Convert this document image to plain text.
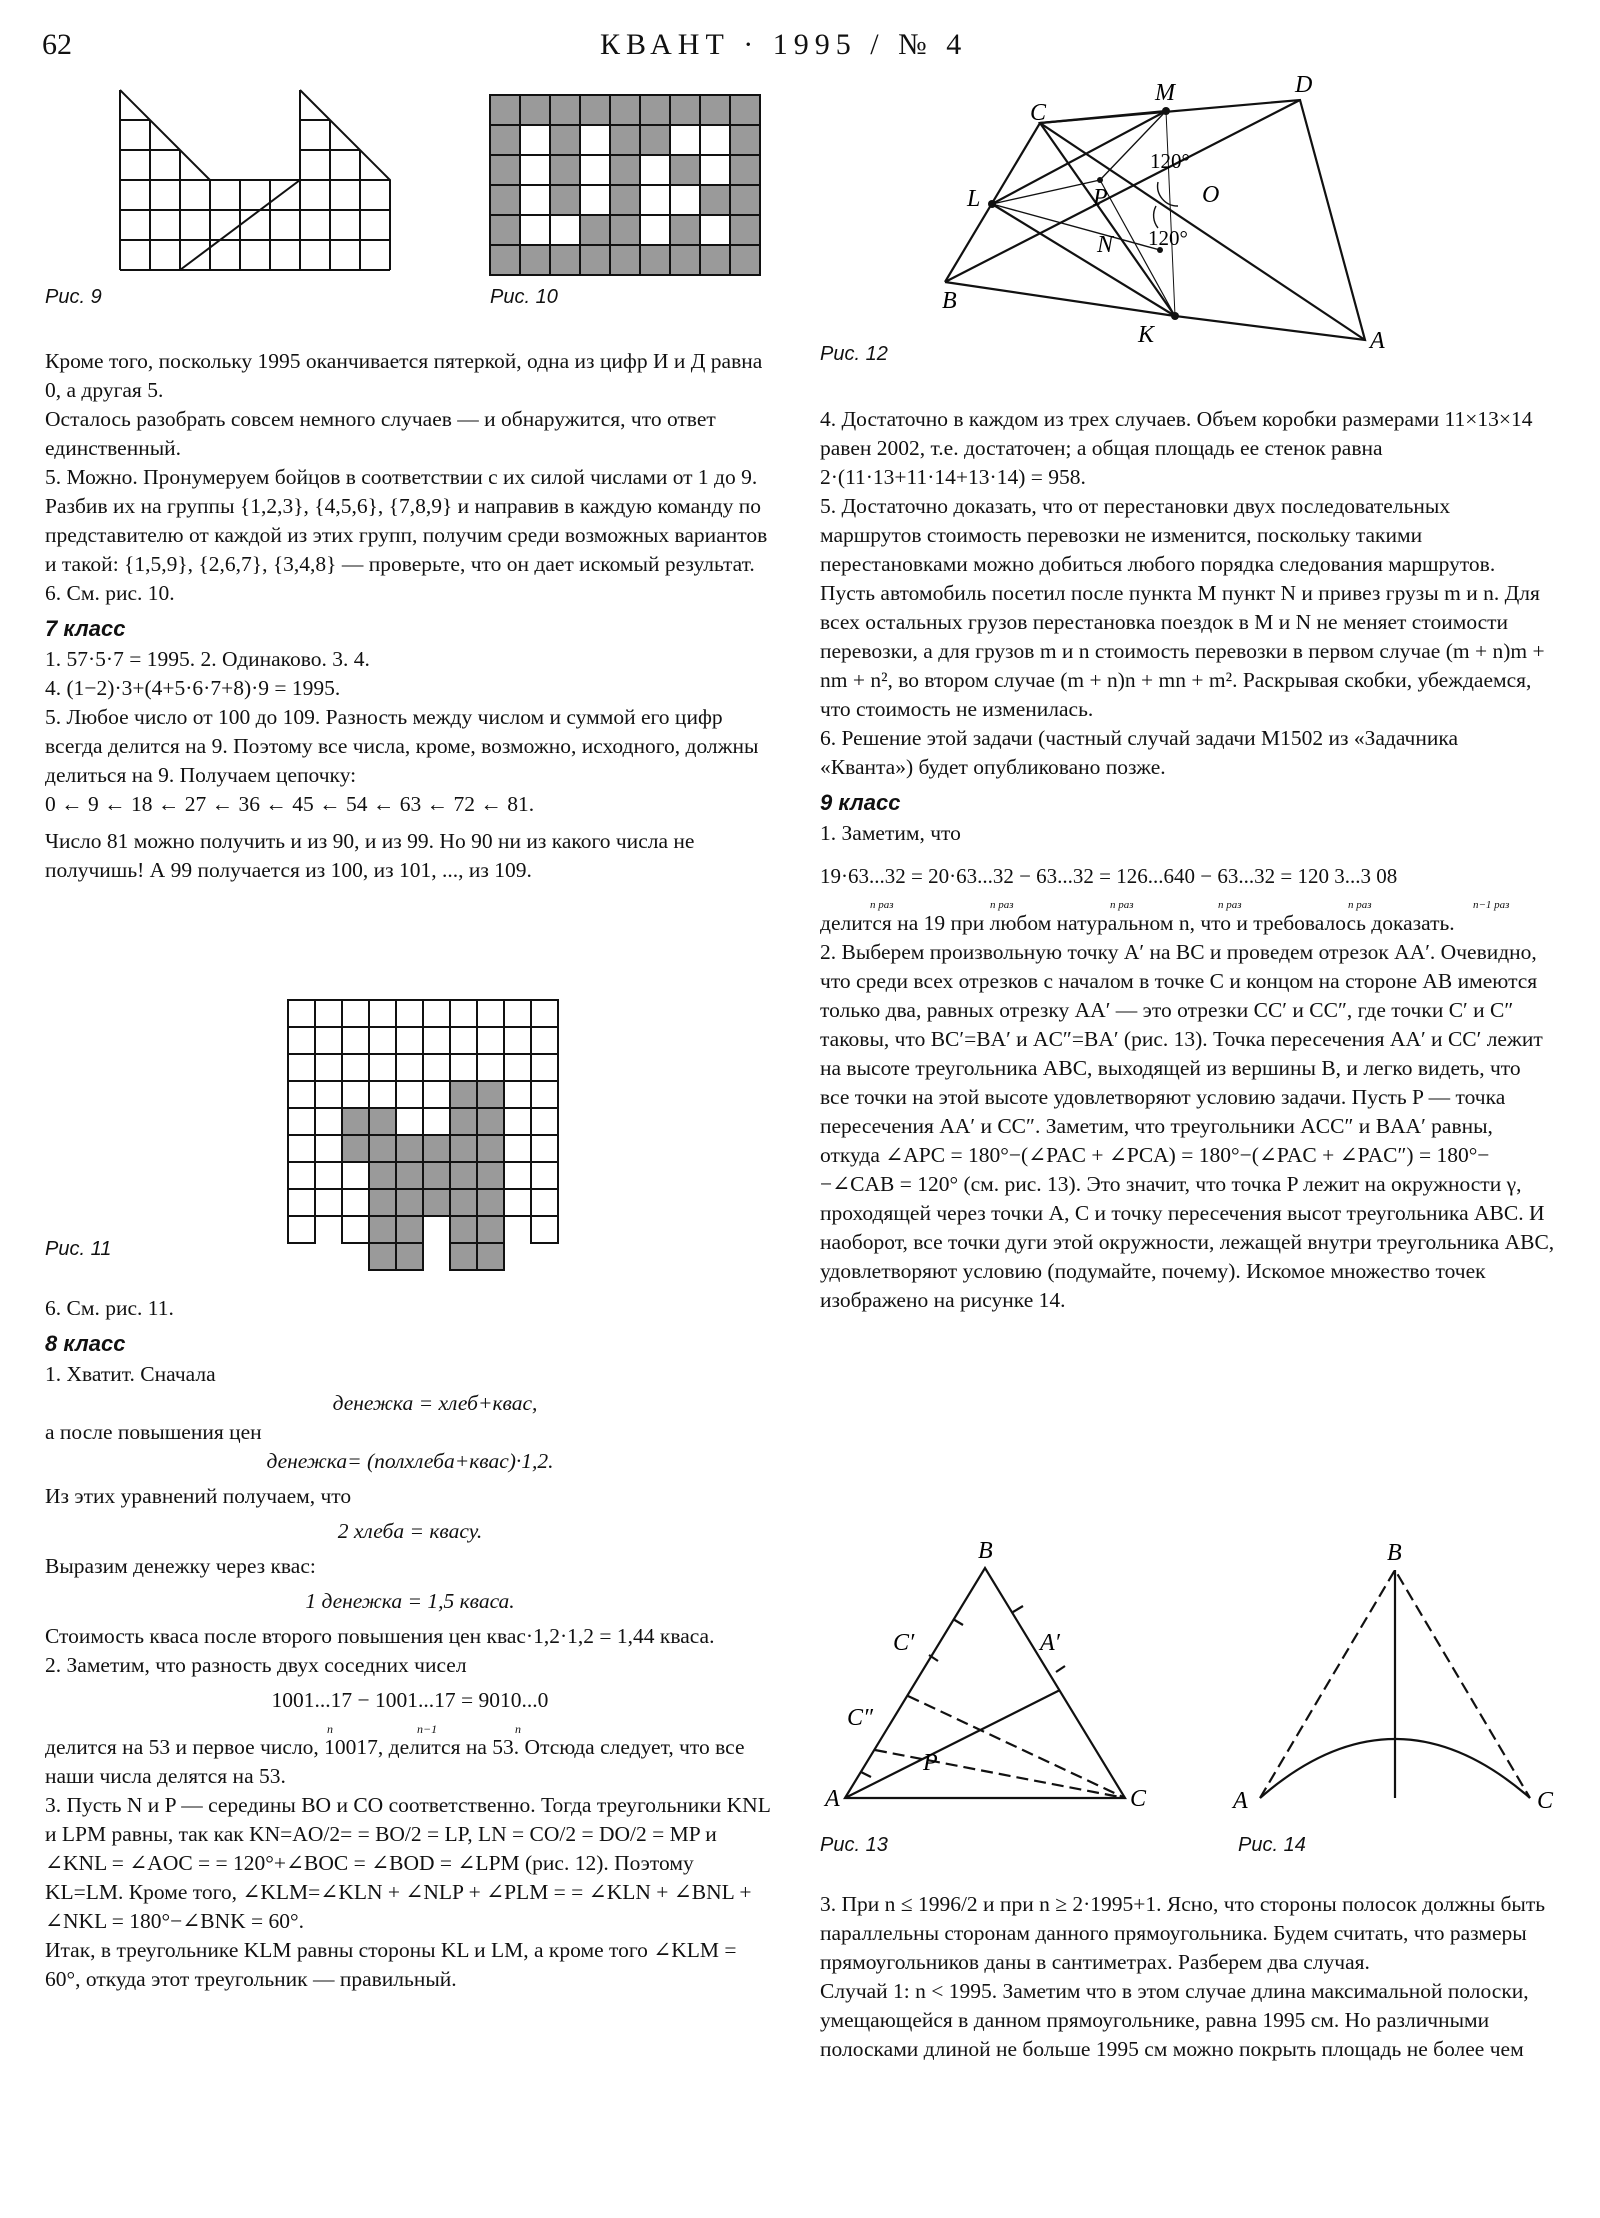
62	КВАНТ · 1995 / № 4
Рис. 9	Рис. 10
M	D
C
L	P	O
N
B
K	A
120°
120°
Рис. 12

Кроме того, поскольку 1995 оканчивается пятеркой, одна из цифр И и Д равна 0, а другая 5.

Осталось разобрать совсем немного случаев — и обнаружится, что ответ единственный.

5. Можно. Пронумеруем бойцов в соответствии с их силой числами от 1 до 9. Разбив их на группы {1,2,3}, {4,5,6}, {7,8,9} и направив в каждую команду по представителю от каждой из этих групп, получим среди возможных вариантов и такой: {1,5,9}, {2,6,7}, {3,4,8} — проверьте, что он дает искомый результат.

6. См. рис. 10.

7 класс

1. 57·5·7 = 1995. 2. Одинаково. 3. 4.

4. (1−2)·3+(4+5·6·7+8)·9 = 1995.

5. Любое число от 100 до 109. Разность между числом и суммой его цифр всегда делится на 9. Поэтому все числа, кроме, возможно, исходного, должны делиться на 9. Получаем цепочку:

0 ← 9 ← 18 ← 27 ← 36 ← 45 ← 54 ← 63 ← 72 ← 81.

Число 81 можно получить и из 90, и из 99. Но 90 ни из какого числа не получишь! А 99 получается из 100, из 101, ..., из 109.

Рис. 11

6. См. рис. 11.

8 класс

1. Хватит. Сначала

денежка = хлеб+квас,

а после повышения цен

денежка= (полхлеба+квас)·1,2.

Из этих уравнений получаем, что

2 хлеба = квасу.

Выразим денежку через квас:

1 денежка = 1,5 кваса.

Стоимость кваса после второго повышения цен квас·1,2·1,2 = 1,44 кваса.

2. Заметим, что разность двух соседних чисел

1001...17 − 1001...17 = 9010...0

n	n−1	n

делится на 53 и первое число, 10017, делится на 53. Отсюда следует, что все наши числа делятся на 53.

3. Пусть N и P — середины BO и CO соответственно. Тогда треугольники KNL и LPM равны, так как KN=AO/2= = BO/2 = LP, LN = CO/2 = DO/2 = MP и ∠KNL = ∠AOC = = 120°+∠BOC = ∠BOD = ∠LPM (рис. 12). Поэтому KL=LM. Кроме того, ∠KLM=∠KLN + ∠NLP + ∠PLM = = ∠KLN + ∠BNL + ∠NKL = 180°−∠BNK = 60°.

Итак, в треугольнике KLM равны стороны KL и LM, а кроме того ∠KLM = 60°, откуда этот треугольник — правильный.

4. Достаточно в каждом из трех случаев. Объем коробки размерами 11×13×14 равен 2002, т.е. достаточен; а общая площадь ее стенок равна 2·(11·13+11·14+13·14) = 958.

5. Достаточно доказать, что от перестановки двух последовательных маршрутов стоимость перевозки не изменится, поскольку такими перестановками можно добиться любого порядка следования маршрутов. Пусть автомобиль посетил после пункта M пункт N и привез грузы m и n. Для всех остальных грузов перестановка поездок в M и N не меняет стоимости перевозки, а для грузов m и n стоимость перевозки в первом случае (m + n)m + nm + n², во втором случае (m + n)n + mn + m². Раскрывая скобки, убеждаемся, что стоимость не изменилась.

6. Решение этой задачи (частный случай задачи М1502 из «Задачника «Кванта») будет опубликовано позже.

9 класс

1. Заметим, что

19·63...32 = 20·63...32 − 63...32 = 126...640 − 63...32 = 120 3...3 08

n раз	n раз	n раз	n раз	n раз	n−1 раз

делится на 19 при любом натуральном n, что и требовалось доказать.

2. Выберем произвольную точку A′ на BC и проведем отрезок AA′. Очевидно, что среди всех отрезков с началом в точке C и концом на стороне AB имеются только два, равных отрезку AA′ — это отрезки CC′ и CC″, где точки C′ и C″ таковы, что BC′=BA′ и AC″=BA′ (рис. 13). Точка пересечения AA′ и CC′ лежит на высоте треугольника ABC, выходящей из вершины B, и легко видеть, что все точки на этой высоте удовлетворяют условию задачи. Пусть P — точка пересечения AA′ и CC″. Заметим, что треугольники ACC″ и BAA′ равны, откуда ∠APC = 180°−(∠PAC + ∠PCA) = 180°−(∠PAC + ∠PAC″) = 180°− −∠CAB = 120° (см. рис. 13). Это значит, что точка P лежит на окружности γ, проходящей через точки A, C и точку пересечения высот треугольника ABC. И наоборот, все точки дуги этой окружности, лежащей внутри треугольника ABC, удовлетворяют условию (подумайте, почему). Искомое множество точек изображено на рисунке 14.

B
C′	A′
C″
P
A	C
Рис. 13
B
A	C
Рис. 14

3. При n ≤ 1996/2 и при n ≥ 2·1995+1. Ясно, что стороны полосок должны быть параллельны сторонам данного прямоугольника. Будем считать, что размеры прямоугольников даны в сантиметрах. Разберем два случая.

Случай 1: n < 1995. Заметим что в этом случае длина максимальной полоски, умещающейся в данном прямоугольнике, равна 1995 см. Но различными полосками длиной не больше 1995 см можно покрыть площадь не более чем
